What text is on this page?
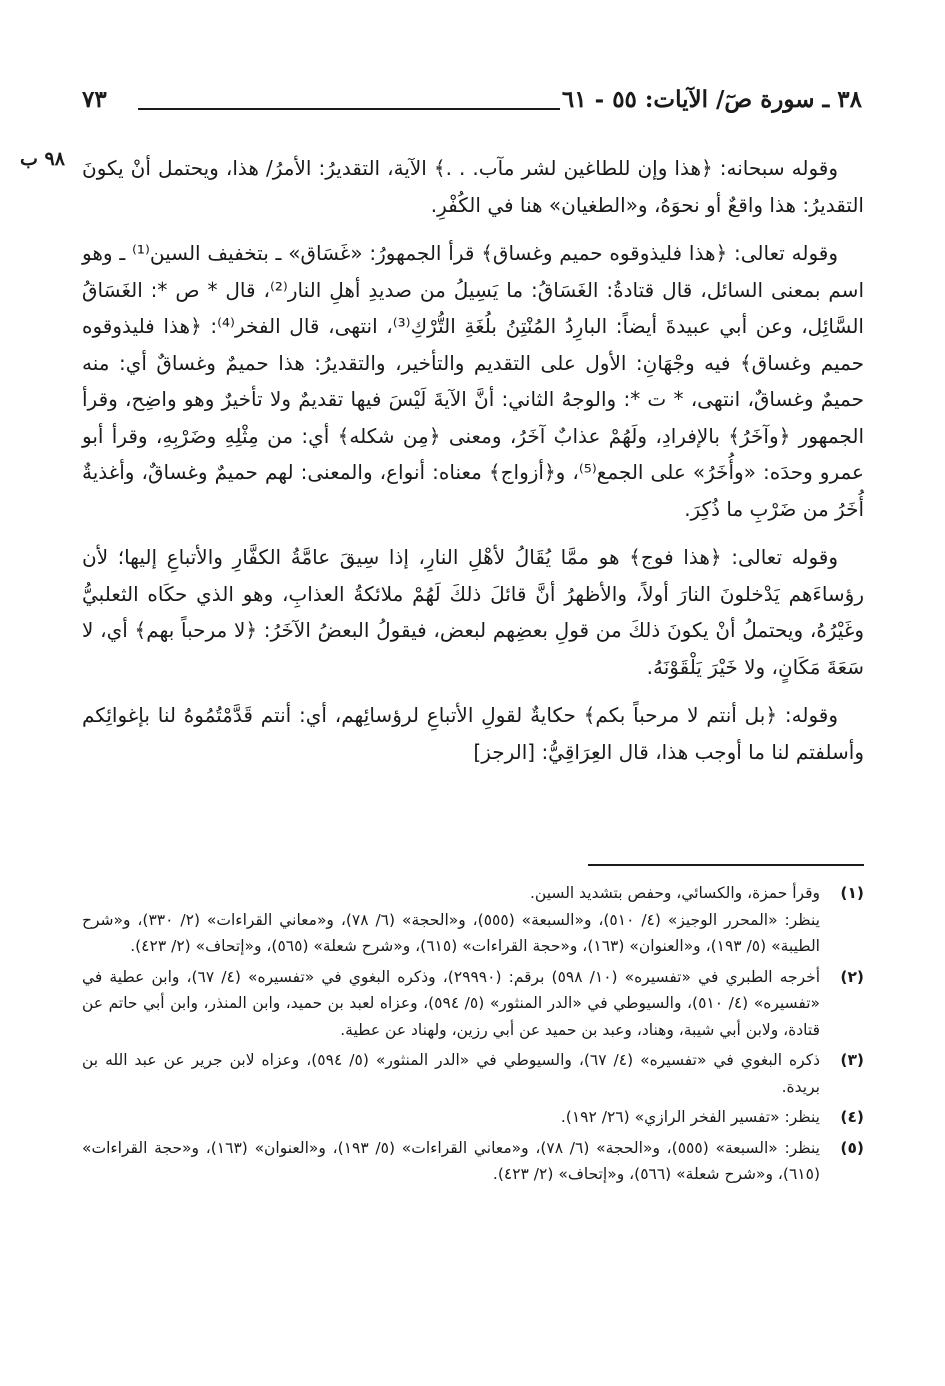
٣٨ ـ سورة صٓ/ الآيات: ٥٥ - ٦١
٧٣
٩٨ ب وقوله سبحانه: ﴿هذا وإن للطاغين لشر مآب. . .﴾ الآية، التقديرُ: الأمرُ/ هذا، ويحتمل أنْ يكونَ التقديرُ: هذا واقعٌ أو نحوَهُ، و«الطغيان» هنا في الكُفْرِ.

وقوله تعالى: ﴿هذا فليذوقوه حميم وغساق﴾ قرأ الجمهورُ: «غَسَاق» ـ بتخفيف السين⁽¹⁾ ـ وهو اسم بمعنى السائل، قال قتادةُ: الغَسَاقُ: ما يَسِيلُ من صديدِ أهلِ النار⁽²⁾، قال * ص *: الغَسَاقُ السَّائِل، وعن أبي عبيدةَ أيضاً: البارِدُ المُنْتِنُ بلُغَةِ التُّرْكِ⁽³⁾، انتهى، قال الفخر⁽⁴⁾: ﴿هذا فليذوقوه حميم وغساق﴾ فيه وجْهَانِ: الأول على التقديم والتأخير، والتقديرُ: هذا حميمٌ وغساقٌ أي: منه حميمٌ وغساقٌ، انتهى، * ت *: والوجهُ الثاني: أنَّ الآيةَ لَيْسَ فيها تقديمٌ ولا تأخيرٌ وهو واضِح، وقرأ الجمهور ﴿وآخَرُ﴾ بالإفرادِ، ولَهُمْ عذابٌ آخَرُ، ومعنى ﴿مِن شكله﴾ أي: من مِثْلِهِ وضَرْبِهِ، وقرأ أبو عمرو وحدَه: «وأُخَرُ» على الجمع⁽⁵⁾، و﴿أزواج﴾ معناه: أنواع، والمعنى: لهم حميمٌ وغساقٌ، وأغذيةٌ أُخَرُ من ضَرْبِ ما ذُكِرَ.

وقوله تعالى: ﴿هذا فوج﴾ هو ممَّا يُقَالُ لأهْلِ النارِ، إذا سِيقَ عامَّةُ الكفَّارِ والأتباعِ إليها؛ لأن رؤساءَهم يَدْخلونَ النارَ أولاً، والأظهرُ أنَّ قائلَ ذلكَ لَهُمْ ملائكةُ العذابِ، وهو الذي حكَاه الثعلبيُّ وغَيْرُهُ، ويحتملُ أنْ يكونَ ذلكَ من قولِ بعضِهم لبعض، فيقولُ البعضُ الآخَرُ: ﴿لا مرحباً بهم﴾ أي، لا سَعَةَ مَكَانٍ، ولا خَيْرَ يَلْقَوْنَهُ.

وقوله: ﴿بل أنتم لا مرحباً بكم﴾ حكايةٌ لقولِ الأتباعِ لرؤسائِهم، أي: أنتم قَدَّمْتُمُوهُ لنا بإغوائِكم وأسلفتم لنا ما أوجب هذا، قال العِرَاقِيُّ: [الرجز]

(١)
وقرأ حمزة، والكسائي، وحفص بتشديد السين.
ينظر: «المحرر الوجيز» (٤/ ٥١٠)، و«السبعة» (٥٥٥)، و«الحجة» (٦/ ٧٨)، و«معاني القراءات» (٢/ ٣٣٠)، و«شرح الطيبة» (٥/ ١٩٣)، و«العنوان» (١٦٣)، و«حجة القراءات» (٦١٥)، و«شرح شعلة» (٥٦٥)، و«إتحاف» (٢/ ٤٢٣).
(٢)
أخرجه الطبري في «تفسيره» (١٠/ ٥٩٨) برقم: (٢٩٩٩٠)، وذكره البغوي في «تفسيره» (٤/ ٦٧)، وابن عطية في «تفسيره» (٤/ ٥١٠)، والسيوطي في «الدر المنثور» (٥/ ٥٩٤)، وعزاه لعبد بن حميد، وابن المنذر، وابن أبي حاتم عن قتادة، ولابن أبي شيبة، وهناد، وعبد بن حميد عن أبي رزين، ولهناد عن عطية.
(٣)
ذكره البغوي في «تفسيره» (٤/ ٦٧)، والسيوطي في «الدر المنثور» (٥/ ٥٩٤)، وعزاه لابن جرير عن عبد الله بن بريدة.
(٤)
ينظر: «تفسير الفخر الرازي» (٢٦/ ١٩٢).
(٥)
ينظر: «السبعة» (٥٥٥)، و«الحجة» (٦/ ٧٨)، و«معاني القراءات» (٥/ ١٩٣)، و«العنوان» (١٦٣)، و«حجة القراءات» (٦١٥)، و«شرح شعلة» (٥٦٦)، و«إتحاف» (٢/ ٤٢٣).
